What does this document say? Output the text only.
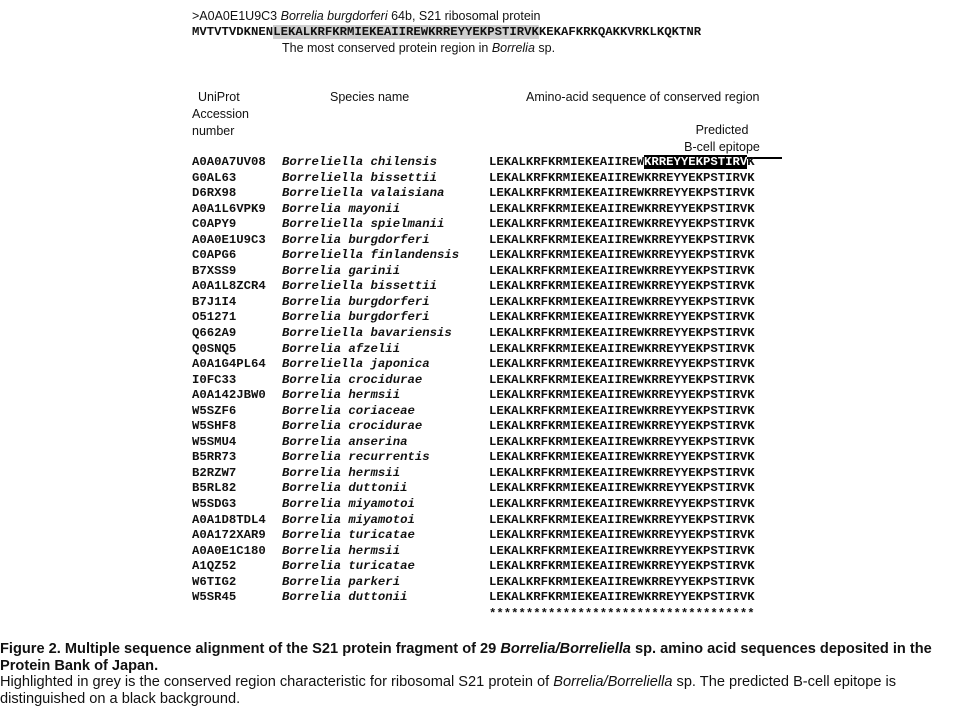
>A0A0E1U9C3 Borrelia burgdorferi 64b, S21 ribosomal protein
MVTVTVDKNENLEKALKRFKRMIEKEAIIREWKRREYYEKPSTIRVKKEKAFKRKQAKKVRKLKQKTNR
The most conserved protein region in Borrelia sp.
UniProt
Accession
number
Species name	Amino-acid sequence of conserved region
Predicted
B-cell epitope
A0A0A7UV08 Borreliella chilensis	LEKALKRFKRMIEKEAIIREWKRREYYEKPSTIRVK
G0AL63	Borreliella bissettii	LEKALKRFKRMIEKEAIIREWKRREYYEKPSTIRVK
D6RX98	Borreliella valaisiana	LEKALKRFKRMIEKEAIIREWKRREYYEKPSTIRVK
A0A1L6VPK9 Borrelia mayonii	LEKALKRFKRMIEKEAIIREWKRREYYEKPSTIRVK
C0APY9	Borreliella spielmanii	LEKALKRFKRMIEKEAIIREWKRREYYEKPSTIRVK
A0A0E1U9C3 Borrelia burgdorferi	LEKALKRFKRMIEKEAIIREWKRREYYEKPSTIRVK
C0APG6	Borreliella finlandensis LEKALKRFKRMIEKEAIIREWKRREYYEKPSTIRVK
B7XSS9	Borrelia garinii	LEKALKRFKRMIEKEAIIREWKRREYYEKPSTIRVK
A0A1L8ZCR4 Borreliella bissettii	LEKALKRFKRMIEKEAIIREWKRREYYEKPSTIRVK
B7J1I4	Borrelia burgdorferi	LEKALKRFKRMIEKEAIIREWKRREYYEKPSTIRVK
O51271	Borrelia burgdorferi	LEKALKRFKRMIEKEAIIREWKRREYYEKPSTIRVK
Q662A9	Borreliella bavariensis	LEKALKRFKRMIEKEAIIREWKRREYYEKPSTIRVK
Q0SNQ5	Borrelia afzelii	LEKALKRFKRMIEKEAIIREWKRREYYEKPSTIRVK
A0A1G4PL64 Borreliella japonica	LEKALKRFKRMIEKEAIIREWKRREYYEKPSTIRVK
I0FC33	Borrelia crocidurae	LEKALKRFKRMIEKEAIIREWKRREYYEKPSTIRVK
A0A142JBW0 Borrelia hermsii	LEKALKRFKRMIEKEAIIREWKRREYYEKPSTIRVK
W5SZF6	Borrelia coriaceae	LEKALKRFKRMIEKEAIIREWKRREYYEKPSTIRVK
W5SHF8	Borrelia crocidurae	LEKALKRFKRMIEKEAIIREWKRREYYEKPSTIRVK
W5SMU4	Borrelia anserina	LEKALKRFKRMIEKEAIIREWKRREYYEKPSTIRVK
B5RR73	Borrelia recurrentis	LEKALKRFKRMIEKEAIIREWKRREYYEKPSTIRVK
B2RZW7	Borrelia hermsii	LEKALKRFKRMIEKEAIIREWKRREYYEKPSTIRVK
B5RL82	Borrelia duttonii	LEKALKRFKRMIEKEAIIREWKRREYYEKPSTIRVK
W5SDG3	Borrelia miyamotoi	LEKALKRFKRMIEKEAIIREWKRREYYEKPSTIRVK
A0A1D8TDL4 Borrelia miyamotoi	LEKALKRFKRMIEKEAIIREWKRREYYEKPSTIRVK
A0A172XAR9 Borrelia turicatae	LEKALKRFKRMIEKEAIIREWKRREYYEKPSTIRVK
A0A0E1C180 Borrelia hermsii	LEKALKRFKRMIEKEAIIREWKRREYYEKPSTIRVK
A1QZ52	Borrelia turicatae	LEKALKRFKRMIEKEAIIREWKRREYYEKPSTIRVK
W6TIG2	Borrelia parkeri	LEKALKRFKRMIEKEAIIREWKRREYYEKPSTIRVK
W5SR45	Borrelia duttonii	LEKALKRFKRMIEKEAIIREWKRREYYEKPSTIRVK
************************************

Figure 2. Multiple sequence alignment of the S21 protein fragment of 29 Borrelia/Borreliella sp. amino acid sequences deposited in the Protein Bank of Japan.

Highlighted in grey is the conserved region characteristic for ribosomal S21 protein of Borrelia/Borreliella sp. The predicted B-cell epitope is distinguished on a black background.
